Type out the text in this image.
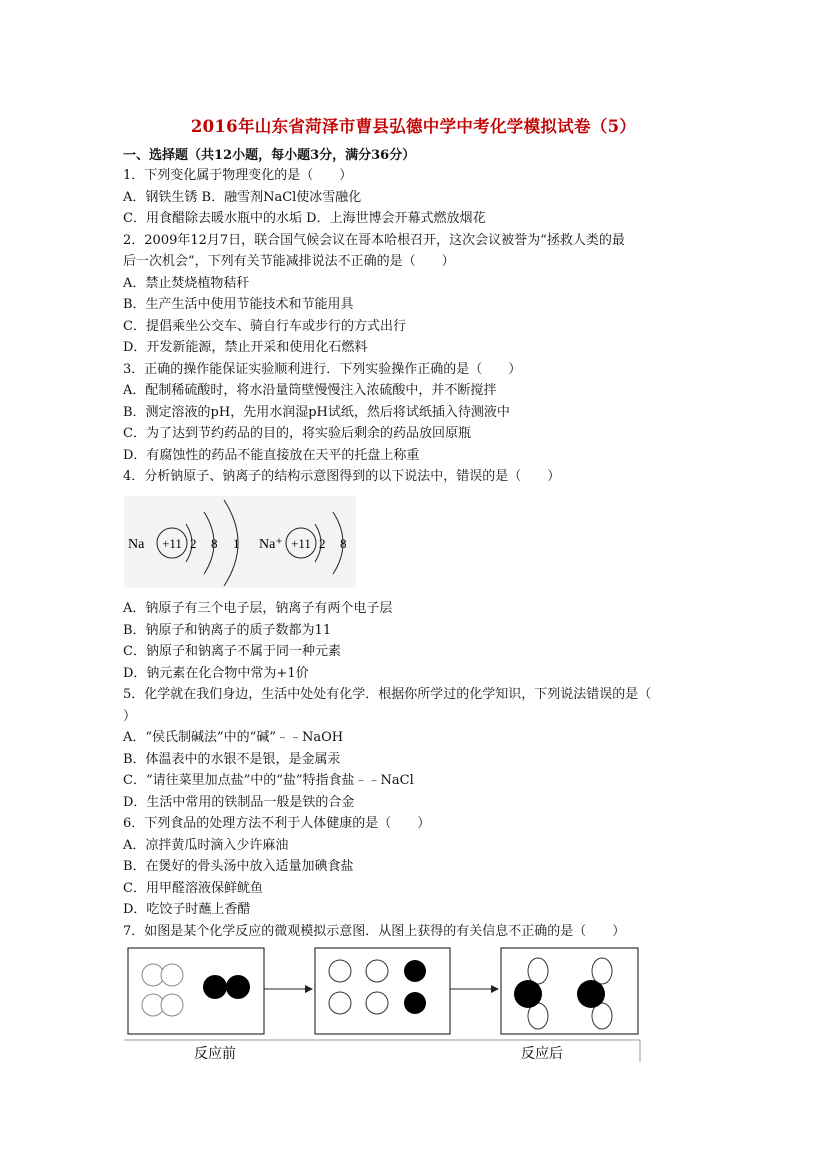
2016年山东省菏泽市曹县弘德中学中考化学模拟试卷（5）
一、选择题（共12小题，每小题3分，满分36分）
1．下列变化属于物理变化的是（　　）
A．钢铁生锈 B．融雪剂NaCl使冰雪融化
C．用食醋除去暖水瓶中的水垢 D．上海世博会开幕式燃放烟花
2．2009年12月7日，联合国气候会议在哥本哈根召开，这次会议被誉为“拯救人类的最
后一次机会”，下列有关节能减排说法不正确的是（　　）
A．禁止焚烧植物秸秆
B．生产生活中使用节能技术和节能用具
C．提倡乘坐公交车、骑自行车或步行的方式出行
D．开发新能源，禁止开采和使用化石燃料
3．正确的操作能保证实验顺利进行．下列实验操作正确的是（　　）
A．配制稀硫酸时，将水沿量筒壁慢慢注入浓硫酸中，并不断搅拌
B．测定溶液的pH，先用水润湿pH试纸，然后将试纸插入待测液中
C．为了达到节约药品的目的，将实验后剩余的药品放回原瓶
D．有腐蚀性的药品不能直接放在天平的托盘上称重
4．分析钠原子、钠离子的结构示意图得到的以下说法中，错误的是（　　）
Na +11 2 8 1 Na⁺ +11 2 8
A．钠原子有三个电子层，钠离子有两个电子层
B．钠原子和钠离子的质子数都为11
C．钠原子和钠离子不属于同一种元素
D．钠元素在化合物中常为+1价
5．化学就在我们身边，生活中处处有化学．根据你所学过的化学知识，下列说法错误的是（
）
A．“侯氏制碱法”中的“碱”﹣﹣NaOH
B．体温表中的水银不是银，是金属汞
C．“请往菜里加点盐”中的“盐”特指食盐﹣﹣NaCl
D．生活中常用的铁制品一般是铁的合金
6．下列食品的处理方法不利于人体健康的是（　　）
A．凉拌黄瓜时滴入少许麻油
B．在煲好的骨头汤中放入适量加碘食盐
C．用甲醛溶液保鲜鱿鱼
D．吃饺子时蘸上香醋
7．如图是某个化学反应的微观模拟示意图．从图上获得的有关信息不正确的是（　　）
反应前	反应后
